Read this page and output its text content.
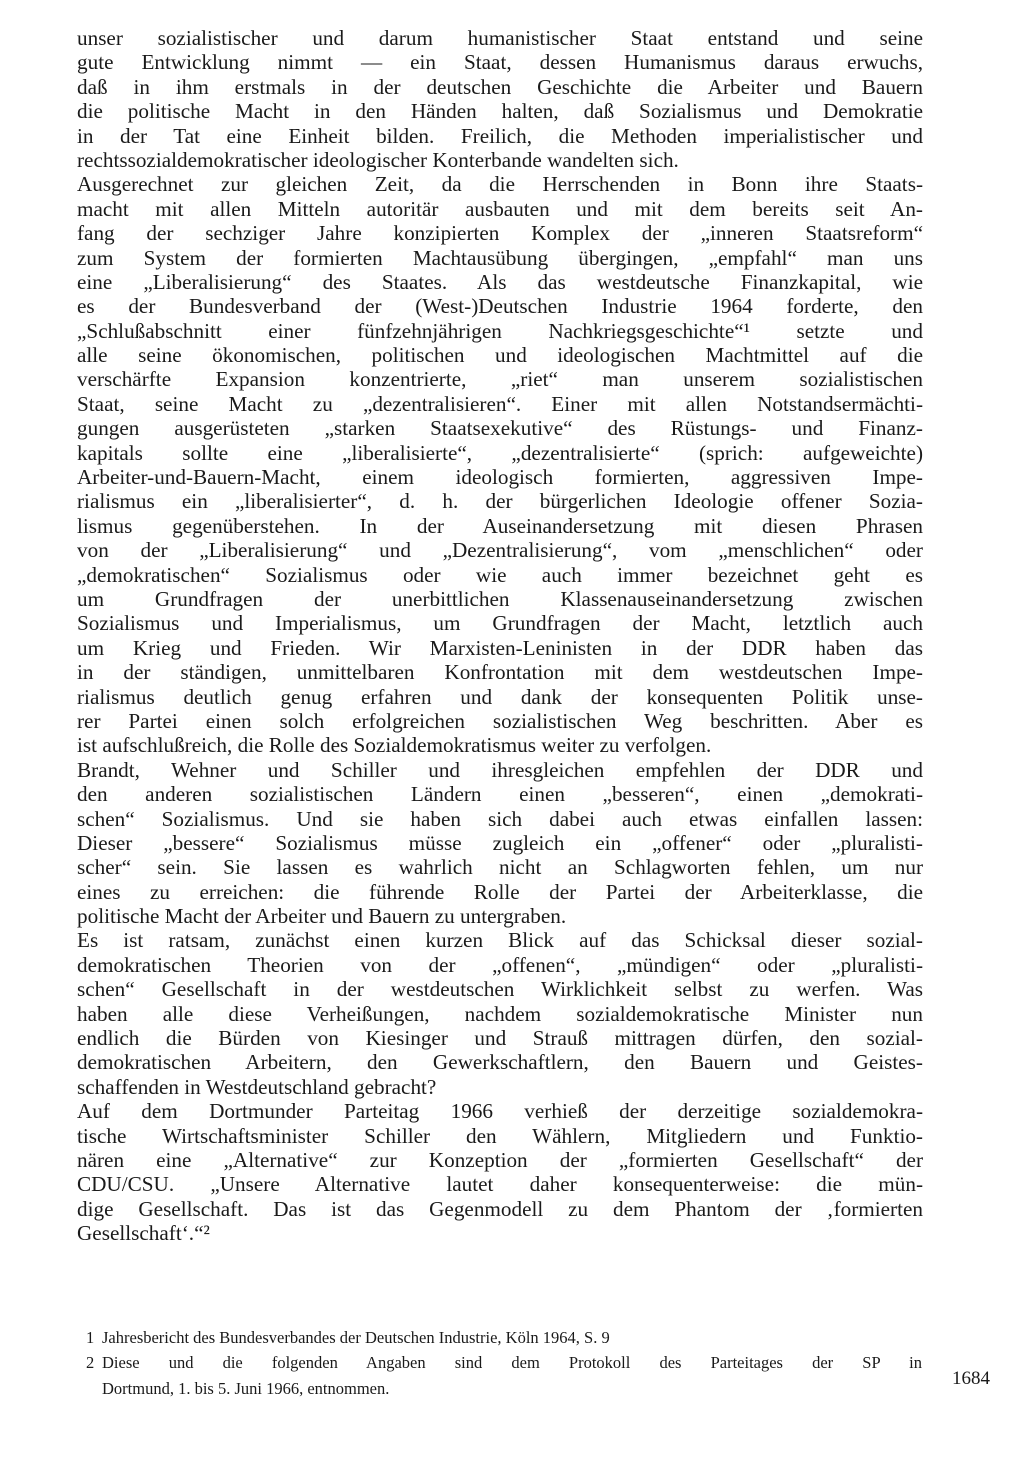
unser sozialistischer und darum humanistischer Staat entstand und seine
gute Entwicklung nimmt — ein Staat, dessen Humanismus daraus erwuchs,
daß in ihm erstmals in der deutschen Geschichte die Arbeiter und Bauern
die politische Macht in den Händen halten, daß Sozialismus und Demokratie
in der Tat eine Einheit bilden. Freilich, die Methoden imperialistischer und
rechtssozialdemokratischer ideologischer Konterbande wandelten sich.
Ausgerechnet zur gleichen Zeit, da die Herrschenden in Bonn ihre Staats-
macht mit allen Mitteln autoritär ausbauten und mit dem bereits seit An-
fang der sechziger Jahre konzipierten Komplex der „inneren Staatsreform“
zum System der formierten Machtausübung übergingen, „empfahl“ man uns
eine „Liberalisierung“ des Staates. Als das westdeutsche Finanzkapital, wie
es der Bundesverband der (West-)Deutschen Industrie 1964 forderte, den
„Schlußabschnitt einer fünfzehnjährigen Nachkriegsgeschichte“¹ setzte und
alle seine ökonomischen, politischen und ideologischen Machtmittel auf die
verschärfte Expansion konzentrierte, „riet“ man unserem sozialistischen
Staat, seine Macht zu „dezentralisieren“. Einer mit allen Notstandsermächti-
gungen ausgerüsteten „starken Staatsexekutive“ des Rüstungs- und Finanz-
kapitals sollte eine „liberalisierte“, „dezentralisierte“ (sprich: aufgeweichte)
Arbeiter-und-Bauern-Macht, einem ideologisch formierten, aggressiven Impe-
rialismus ein „liberalisierter“, d. h. der bürgerlichen Ideologie offener Sozia-
lismus gegenüberstehen. In der Auseinandersetzung mit diesen Phrasen
von der „Liberalisierung“ und „Dezentralisierung“, vom „menschlichen“ oder
„demokratischen“ Sozialismus oder wie auch immer bezeichnet geht es
um Grundfragen der unerbittlichen Klassenauseinandersetzung zwischen
Sozialismus und Imperialismus, um Grundfragen der Macht, letztlich auch
um Krieg und Frieden. Wir Marxisten-Leninisten in der DDR haben das
in der ständigen, unmittelbaren Konfrontation mit dem westdeutschen Impe-
rialismus deutlich genug erfahren und dank der konsequenten Politik unse-
rer Partei einen solch erfolgreichen sozialistischen Weg beschritten. Aber es
ist aufschlußreich, die Rolle des Sozialdemokratismus weiter zu verfolgen.
Brandt, Wehner und Schiller und ihresgleichen empfehlen der DDR und
den anderen sozialistischen Ländern einen „besseren“, einen „demokrati-
schen“ Sozialismus. Und sie haben sich dabei auch etwas einfallen lassen:
Dieser „bessere“ Sozialismus müsse zugleich ein „offener“ oder „pluralisti-
scher“ sein. Sie lassen es wahrlich nicht an Schlagworten fehlen, um nur
eines zu erreichen: die führende Rolle der Partei der Arbeiterklasse, die
politische Macht der Arbeiter und Bauern zu untergraben.
Es ist ratsam, zunächst einen kurzen Blick auf das Schicksal dieser sozial-
demokratischen Theorien von der „offenen“, „mündigen“ oder „pluralisti-
schen“ Gesellschaft in der westdeutschen Wirklichkeit selbst zu werfen. Was
haben alle diese Verheißungen, nachdem sozialdemokratische Minister nun
endlich die Bürden von Kiesinger und Strauß mittragen dürfen, den sozial-
demokratischen Arbeitern, den Gewerkschaftlern, den Bauern und Geistes-
schaffenden in Westdeutschland gebracht?
Auf dem Dortmunder Parteitag 1966 verhieß der derzeitige sozialdemokra-
tische Wirtschaftsminister Schiller den Wählern, Mitgliedern und Funktio-
nären eine „Alternative“ zur Konzeption der „formierten Gesellschaft“ der
CDU/CSU. „Unsere Alternative lautet daher konsequenterweise: die mün-
dige Gesellschaft. Das ist das Gegenmodell zu dem Phantom der ‚formierten
Gesellschaft‘.“²
1 Jahresbericht des Bundesverbandes der Deutschen Industrie, Köln 1964, S. 9
2 Diese und die folgenden Angaben sind dem Protokoll des Parteitages der SP in
Dortmund, 1. bis 5. Juni 1966, entnommen.	1684
